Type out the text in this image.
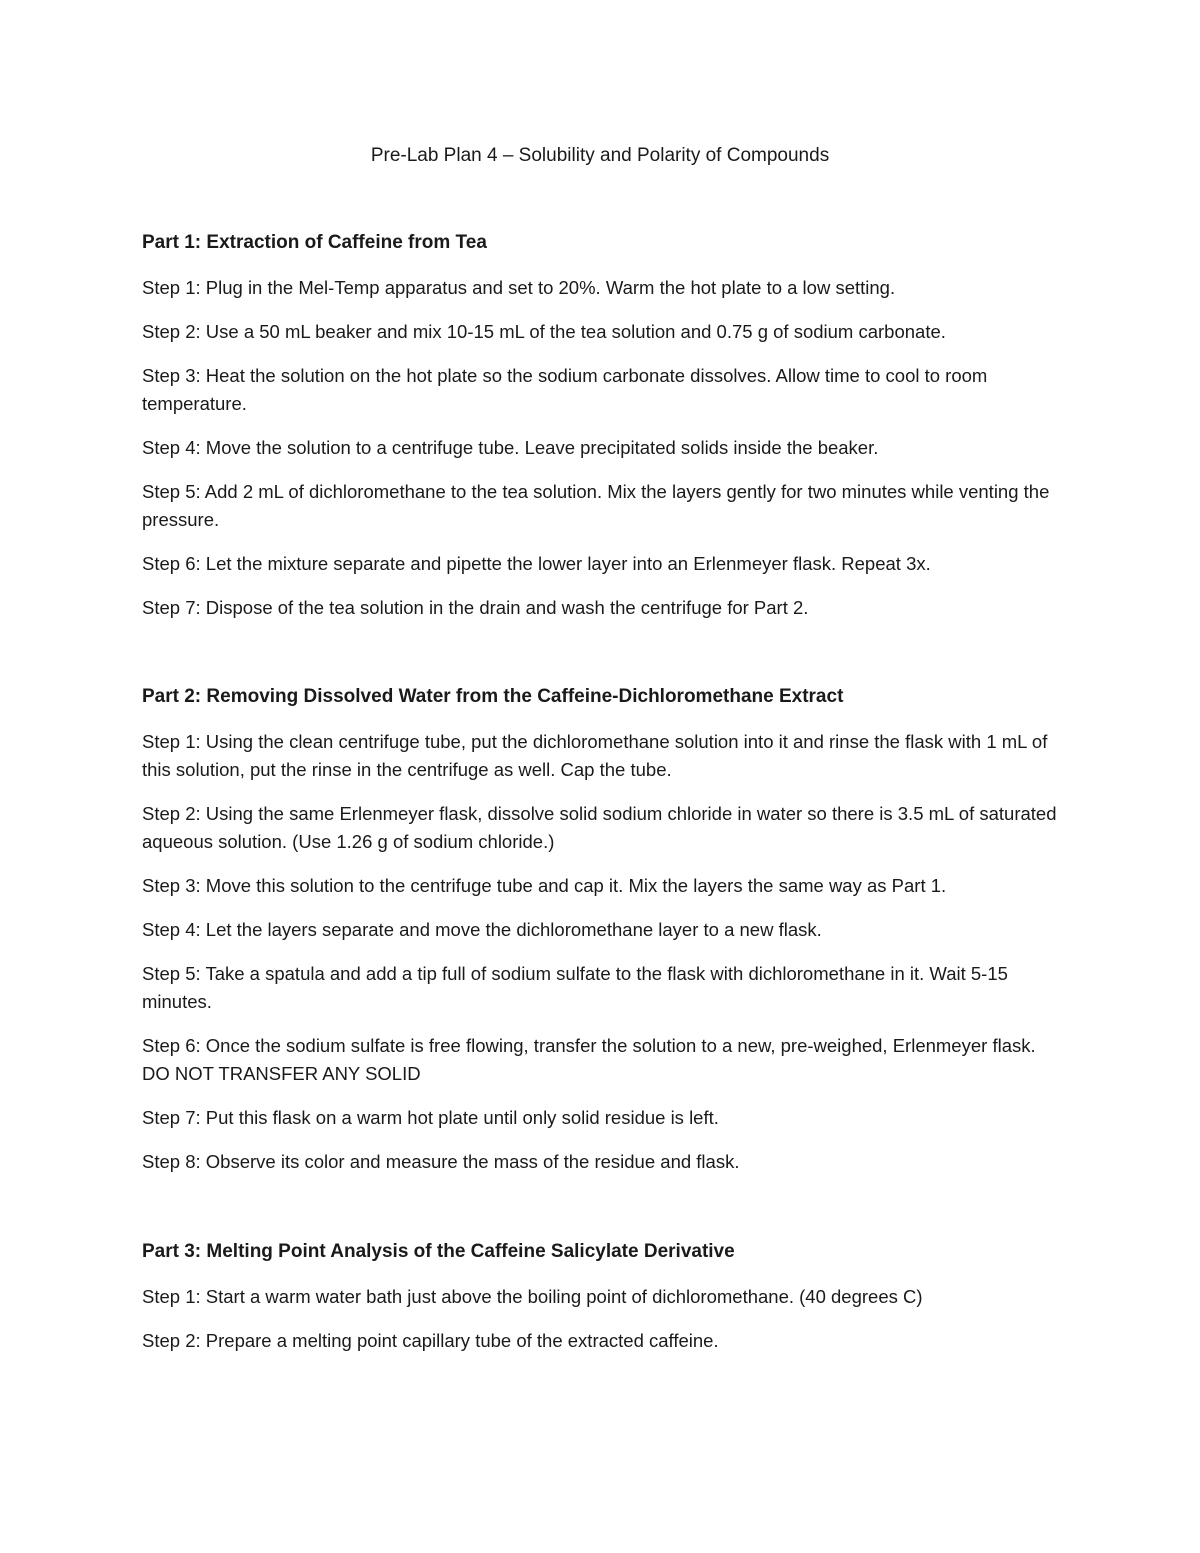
Pre-Lab Plan 4 – Solubility and Polarity of Compounds

Part 1: Extraction of Caffeine from Tea

Step 1: Plug in the Mel-Temp apparatus and set to 20%. Warm the hot plate to a low setting.

Step 2: Use a 50 mL beaker and mix 10-15 mL of the tea solution and 0.75 g of sodium carbonate.

Step 3: Heat the solution on the hot plate so the sodium carbonate dissolves. Allow time to cool to room temperature.

Step 4: Move the solution to a centrifuge tube. Leave precipitated solids inside the beaker.

Step 5: Add 2 mL of dichloromethane to the tea solution. Mix the layers gently for two minutes while venting the pressure.

Step 6: Let the mixture separate and pipette the lower layer into an Erlenmeyer flask. Repeat 3x.

Step 7: Dispose of the tea solution in the drain and wash the centrifuge for Part 2.

Part 2: Removing Dissolved Water from the Caffeine-Dichloromethane Extract

Step 1: Using the clean centrifuge tube, put the dichloromethane solution into it and rinse the flask with 1 mL of this solution, put the rinse in the centrifuge as well. Cap the tube.

Step 2: Using the same Erlenmeyer flask, dissolve solid sodium chloride in water so there is 3.5 mL of saturated aqueous solution. (Use 1.26 g of sodium chloride.)

Step 3: Move this solution to the centrifuge tube and cap it. Mix the layers the same way as Part 1.

Step 4: Let the layers separate and move the dichloromethane layer to a new flask.

Step 5: Take a spatula and add a tip full of sodium sulfate to the flask with dichloromethane in it. Wait 5-15 minutes.

Step 6: Once the sodium sulfate is free flowing, transfer the solution to a new, pre-weighed, Erlenmeyer flask. DO NOT TRANSFER ANY SOLID

Step 7: Put this flask on a warm hot plate until only solid residue is left.

Step 8: Observe its color and measure the mass of the residue and flask.

Part 3: Melting Point Analysis of the Caffeine Salicylate Derivative

Step 1: Start a warm water bath just above the boiling point of dichloromethane. (40 degrees C)

Step 2: Prepare a melting point capillary tube of the extracted caffeine.
